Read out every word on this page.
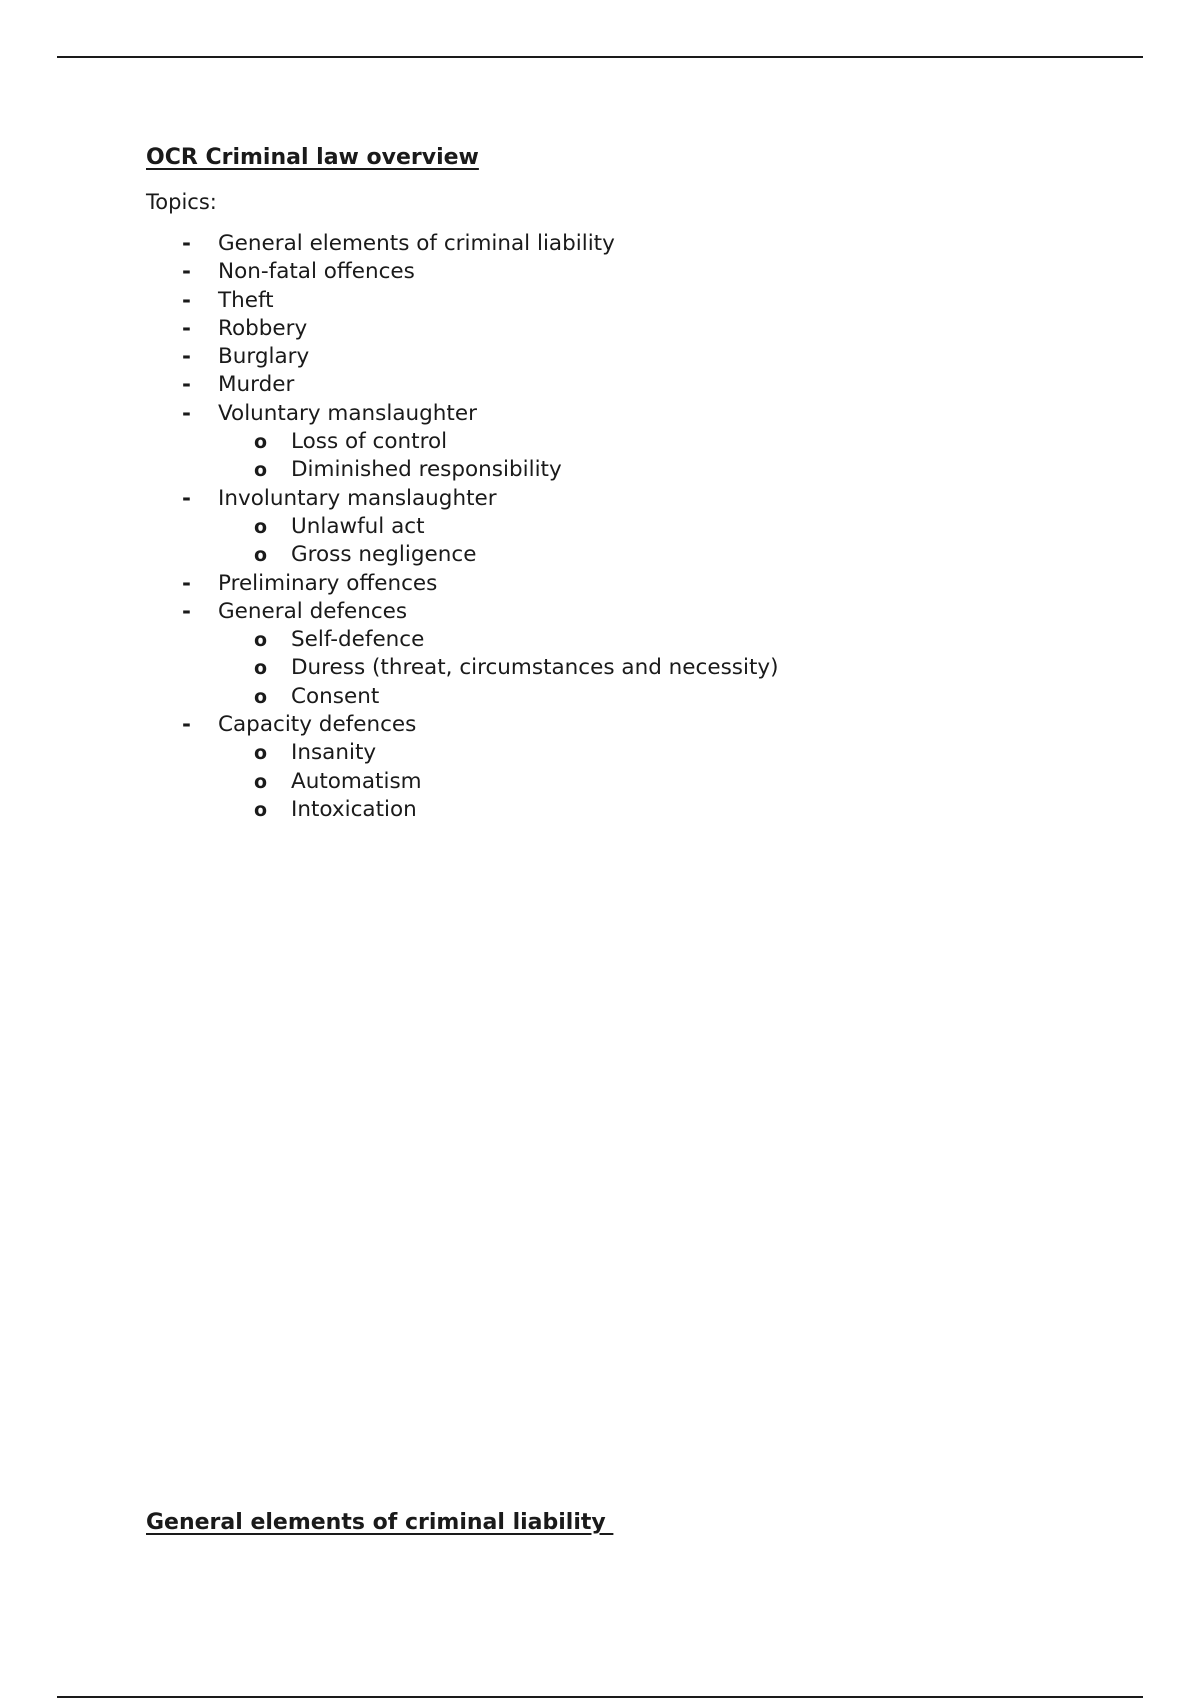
OCR Criminal law overview
Topics:
- General elements of criminal liability
- Non-fatal offences
- Theft
- Robbery
- Burglary
- Murder
- Voluntary manslaughter
o Loss of control
o Diminished responsibility
- Involuntary manslaughter
o Unlawful act
o Gross negligence
- Preliminary offences
- General defences
o Self-defence
o Duress (threat, circumstances and necessity)
o Consent
- Capacity defences
o Insanity
o Automatism
o Intoxication
General elements of criminal liability
